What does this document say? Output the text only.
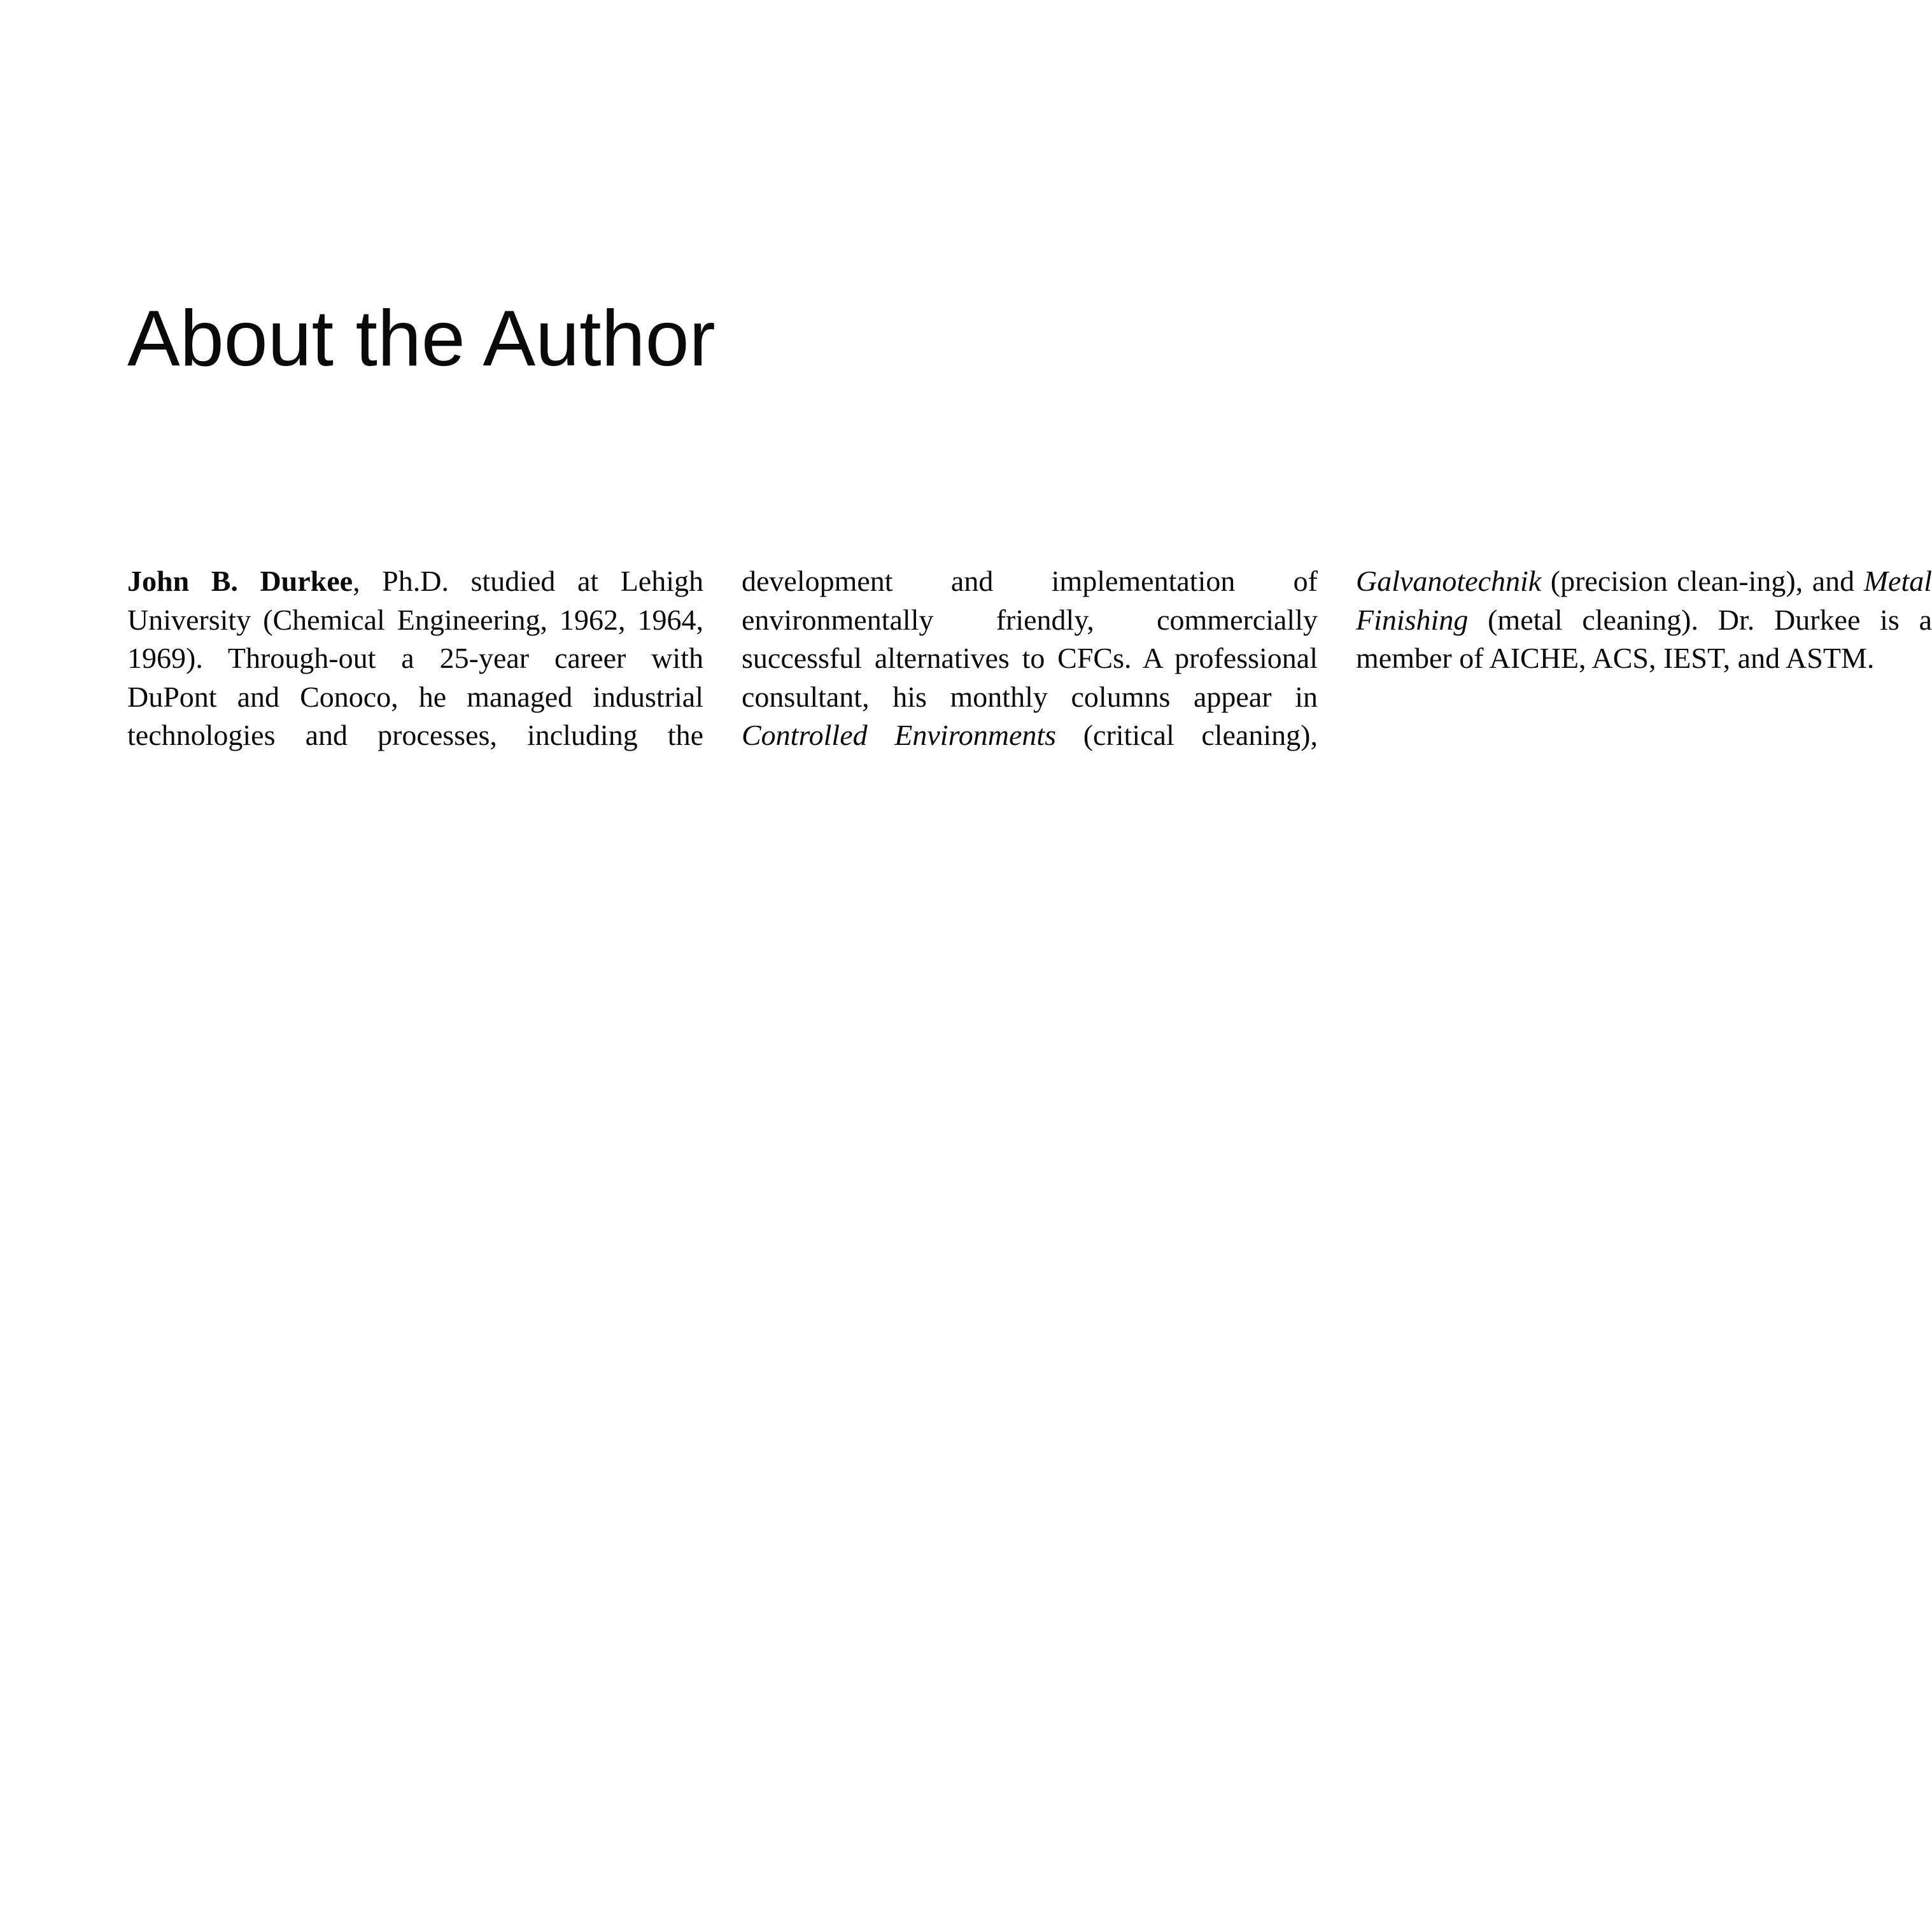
About the Author

John B. Durkee, Ph.D. studied at Lehigh University (Chemical Engineering, 1962, 1964, 1969). Through-out a 25-year career with DuPont and Conoco, he managed industrial technologies and processes, including the development and implementation of environmentally friendly, commercially successful alternatives to CFCs. A professional consultant, his monthly columns appear in Controlled Environments (critical cleaning), Galvanotechnik (precision clean-ing), and Metal Finishing (metal cleaning). Dr. Durkee is a member of AICHE, ACS, IEST, and ASTM.
